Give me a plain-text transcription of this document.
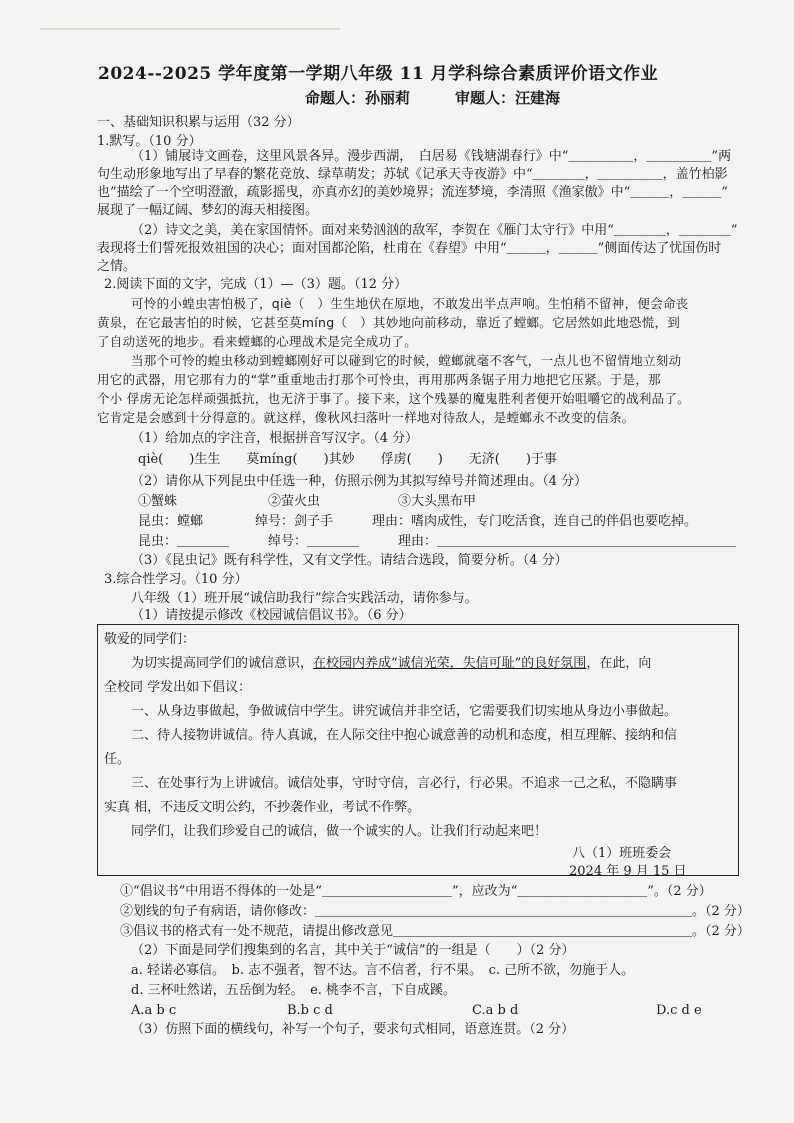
2024--2025 学年度第一学期八年级 11 月学科综合素质评价语文作业
命题人：孙丽莉　　　审题人：汪建海
一、基础知识积累与运用（32 分）
1.默写。（10 分）
（1）铺展诗文画卷，这里风景各异。漫步西湖，　白居易《钱塘湖春行》中“＿＿＿＿＿，＿＿＿＿＿”两
句生动形象地写出了早春的繁花竞放、绿草萌发；苏轼《记承天寺夜游》中“＿＿＿＿，＿＿＿＿＿，盖竹柏影
也”描绘了一个空明澄澈，疏影摇曳，亦真亦幻的美妙境界；流连梦境，李清照《渔家傲》中“＿＿＿，＿＿＿”
展现了一幅辽阔、梦幻的海天相接图。
（2）诗文之美，美在家国情怀。面对来势汹汹的敌军，李贺在《雁门太守行》中用“＿＿＿＿，＿＿＿＿”
表现将士们誓死报效祖国的决心；面对国都沦陷，杜甫在《春望》中用“＿＿＿，＿＿＿”侧面传达了忧国伤时
之情。
2.阅读下面的文字，完成（1）—（3）题。（12 分）
可怜的小蝗虫害怕极了，qiè（　）生生地伏在原地，不敢发出半点声响。生怕稍不留神，便会命丧
黄泉，在它最害怕的时候，它甚至莫míng（　）其妙地向前移动，靠近了螳螂。它居然如此地恐慌，到
了自动送死的地步。看来螳螂的心理战术是完全成功了。
当那个可怜的蝗虫移动到螳螂刚好可以碰到它的时候，螳螂就毫不客气，一点儿也不留情地立刻动
用它的武器，用它那有力的“掌”重重地击打那个可怜虫，再用那两条锯子用力地把它压紧。于是，那
个小 俘虏无论怎样顽强抵抗，也无济于事了。接下来，这个残暴的魔鬼胜利者便开始咀嚼它的战利品了。
它肯定是会感到十分得意的。就这样，像秋风扫落叶一样地对待敌人，是螳螂永不改变的信条。
（1）给加点的字注音，根据拼音写汉字。（4 分）
qiè(　　)生生　　莫míng(　　)其妙　　俘虏(　　)　　无济(　　)于事
（2）请你从下列昆虫中任选一种，仿照示例为其拟写绰号并简述理由。（4 分）
①蟹蛛　　　　　　　②萤火虫　　　　　　③大头黑布甲
昆虫：螳螂　　　　绰号：剑子手　　　理由：嗜肉成性，专门吃活食，连自己的伴侣也要吃掉。
昆虫：＿＿＿＿　　　绰号：＿＿＿＿　　　理由：＿＿＿＿＿＿＿＿＿＿＿＿＿＿＿＿＿＿＿＿＿＿＿
（3）《昆虫记》既有科学性，又有文学性。请结合选段，简要分析。（4 分）
3.综合性学习。（10 分）
八年级（1）班开展“诚信助我行”综合实践活动，请你参与。
（1）请按提示修改《校园诚信倡议书》。（6 分）
敬爱的同学们：
为切实提高同学们的诚信意识，在校园内养成“诚信光荣，失信可耻”的良好氛围，在此，向
全校同 学发出如下倡议：
一、从身边事做起，争做诚信中学生。讲究诚信并非空话，它需要我们切实地从身边小事做起。
二、待人接物讲诚信。待人真诚，在人际交往中抱心诚意善的动机和态度，相互理解、接纳和信
任。
三、在处事行为上讲诚信。诚信处事，守时守信，言必行，行必果。不追求一己之私，不隐瞒事
实真 相，不违反文明公约，不抄袭作业，考试不作弊。
同学们，让我们珍爱自己的诚信，做一个诚实的人。让我们行动起来吧！
八（1）班班委会
2024 年 9 月 15 日
①“倡议书”中用语不得体的一处是“＿＿＿＿＿＿＿＿＿＿”，应改为“＿＿＿＿＿＿＿＿＿＿”。（2 分）
②划线的句子有病语，请你修改：＿＿＿＿＿＿＿＿＿＿＿＿＿＿＿＿＿＿＿＿＿＿＿＿＿＿＿＿＿。（2 分）
③倡议书的格式有一处不规范，请提出修改意见＿＿＿＿＿＿＿＿＿＿＿＿＿＿＿＿＿＿＿＿＿＿＿。（2 分）
（2）下面是同学们搜集到的名言，其中关于“诚信”的一组是（　　）（2 分）
a. 轻诺必寡信。　b. 志不强者，智不达。言不信者，行不果。　c. 己所不欲，勿施于人。
d. 三杯吐然诺，五岳倒为轻。　e. 桃李不言，下自成蹊。
A.a b c	B.b c d	C.a b d	D.c d e
（3）仿照下面的横线句，补写一个句子，要求句式相同，语意连贯。（2 分）
